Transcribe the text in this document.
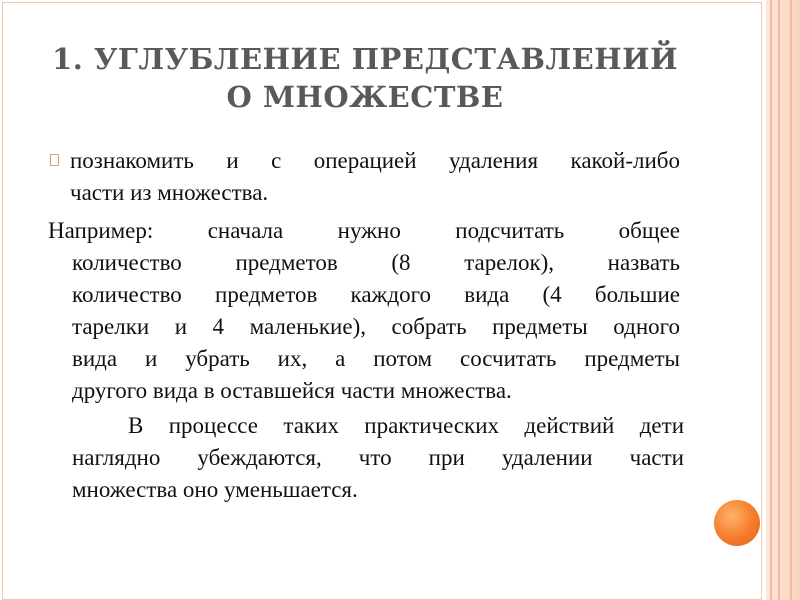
1. УГЛУБЛЕНИЕ ПРЕДСТАВЛЕНИЙ
О МНОЖЕСТВЕ

познакомить и с операцией удаления какой-либо
части из множества.

Например: сначала нужно подсчитать общее
количество предметов (8 тарелок), назвать
количество предметов каждого вида (4 большие
тарелки и 4 маленькие), собрать предметы одного
вида и убрать их, а потом сосчитать предметы
другого вида в оставшейся части множества.

В процессе таких практических действий дети
наглядно убеждаются, что при удалении части
множества оно уменьшается.
